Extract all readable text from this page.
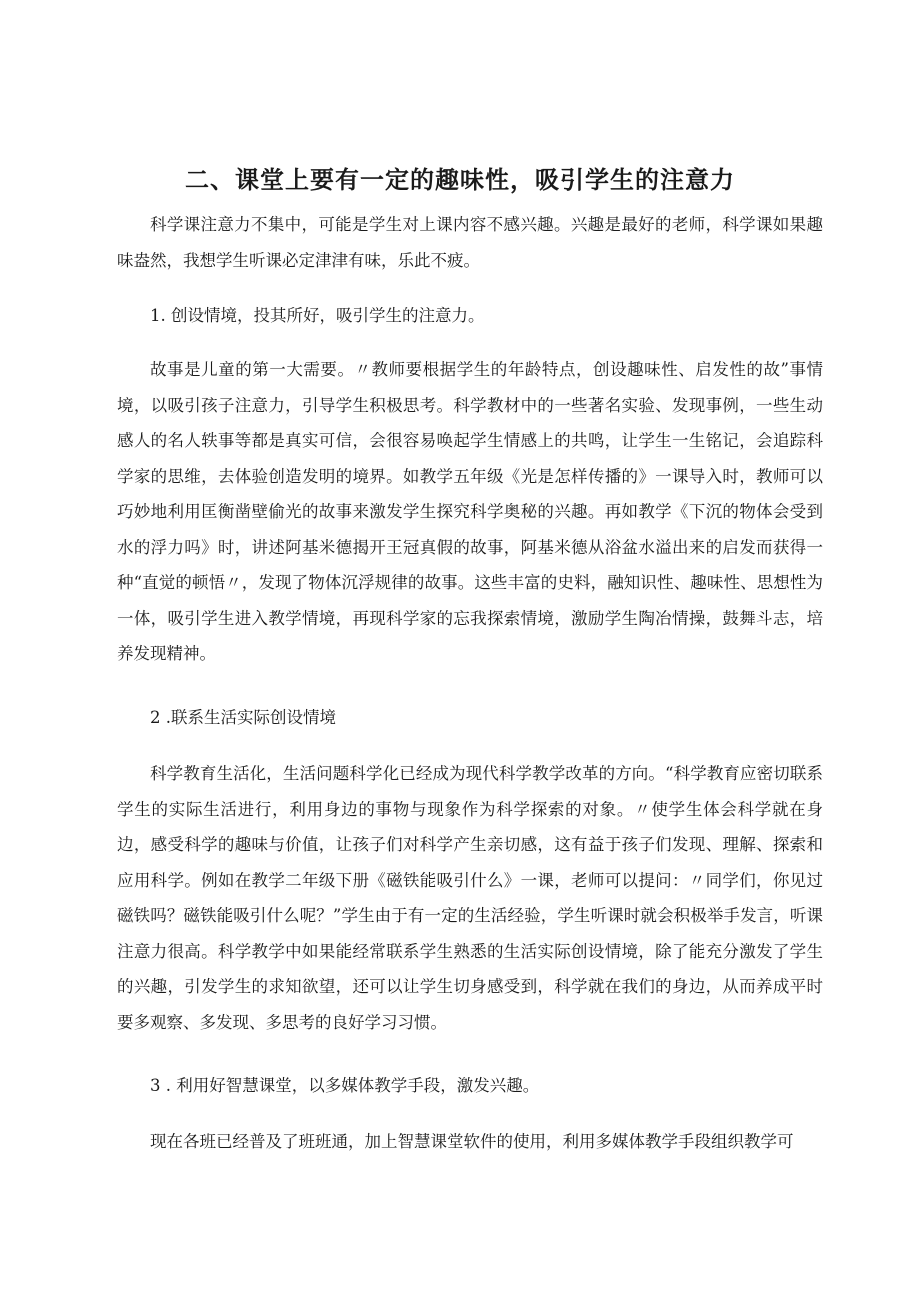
二、课堂上要有一定的趣味性，吸引学生的注意力

科学课注意力不集中，可能是学生对上课内容不感兴趣。兴趣是最好的老师，科学课如果趣味盎然，我想学生听课必定津津有味，乐此不疲。

1. 创设情境，投其所好，吸引学生的注意力。

故事是儿童的第一大需要。〃教师要根据学生的年龄特点，创设趣味性、启发性的故”事情境，以吸引孩子注意力，引导学生积极思考。科学教材中的一些著名实验、发现事例，一些生动感人的名人轶事等都是真实可信，会很容易唤起学生情感上的共鸣，让学生一生铭记，会追踪科学家的思维，去体验创造发明的境界。如教学五年级《光是怎样传播的》一课导入时，教师可以巧妙地利用匡衡凿壁偷光的故事来激发学生探究科学奥秘的兴趣。再如教学《下沉的物体会受到水的浮力吗》时，讲述阿基米德揭开王冠真假的故事，阿基米德从浴盆水溢出来的启发而获得一种“直觉的顿悟〃，发现了物体沉浮规律的故事。这些丰富的史料，融知识性、趣味性、思想性为一体，吸引学生进入教学情境，再现科学家的忘我探索情境，激励学生陶冶情操，鼓舞斗志，培养发现精神。

2 .联系生活实际创设情境

科学教育生活化，生活问题科学化已经成为现代科学教学改革的方向。“科学教育应密切联系学生的实际生活进行，利用身边的事物与现象作为科学探索的对象。〃使学生体会科学就在身边，感受科学的趣味与价值，让孩子们对科学产生亲切感，这有益于孩子们发现、理解、探索和应用科学。例如在教学二年级下册《磁铁能吸引什么》一课，老师可以提问：〃同学们，你见过磁铁吗？磁铁能吸引什么呢？”学生由于有一定的生活经验，学生听课时就会积极举手发言，听课注意力很高。科学教学中如果能经常联系学生熟悉的生活实际创设情境，除了能充分激发了学生的兴趣，引发学生的求知欲望，还可以让学生切身感受到，科学就在我们的身边，从而养成平时要多观察、多发现、多思考的良好学习习惯。

3 . 利用好智慧课堂，以多媒体教学手段，激发兴趣。

现在各班已经普及了班班通，加上智慧课堂软件的使用，利用多媒体教学手段组织教学可
